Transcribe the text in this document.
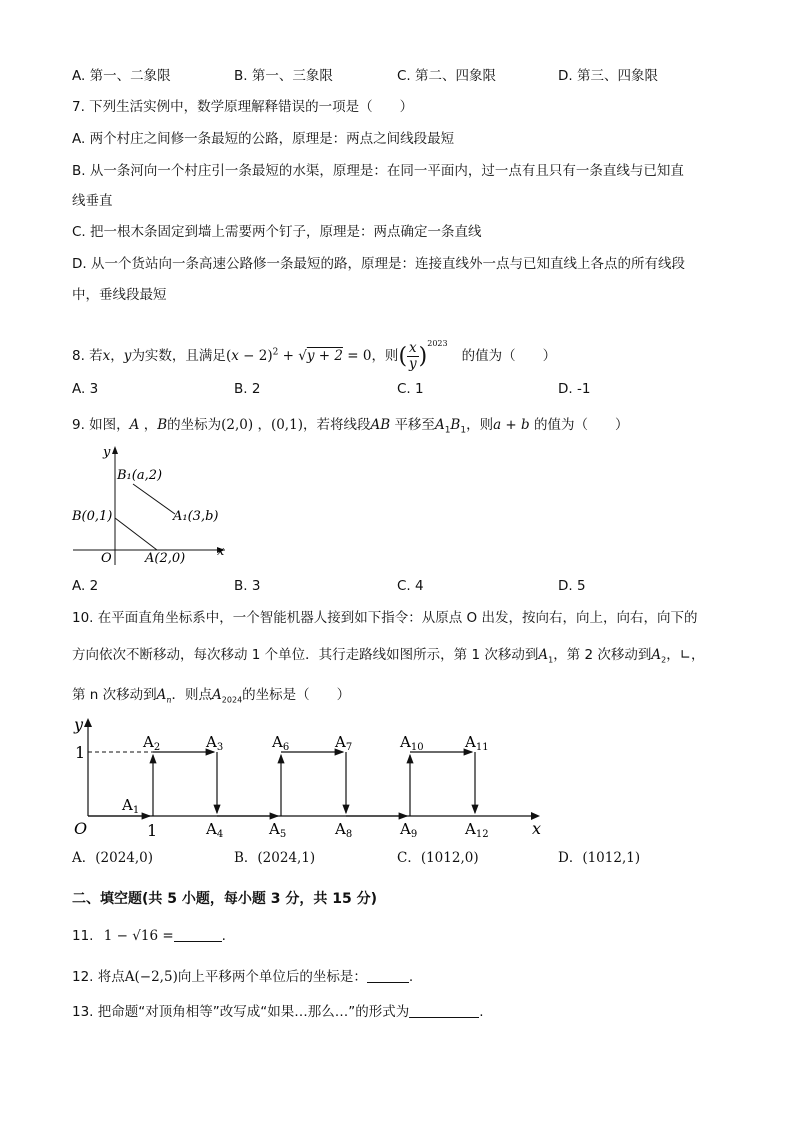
A. 第一、二象限	B. 第一、三象限	C. 第二、四象限	D. 第三、四象限
7. 下列生活实例中，数学原理解释错误的一项是（　　）
A. 两个村庄之间修一条最短的公路，原理是：两点之间线段最短
B. 从一条河向一个村庄引一条最短的水渠，原理是：在同一平面内，过一点有且只有一条直线与已知直
线垂直
C. 把一根木条固定到墙上需要两个钉子，原理是：两点确定一条直线
D. 从一个货站向一条高速公路修一条最短的路，原理是：连接直线外一点与已知直线上各点的所有线段
中，垂线段最短
8. 若x，y为实数，且满足$(x - 2)^2 + √y + 2 = 0$，则( $\frac{x}{y} )^{2023}$的值为（　　）
A. 3	B. 2	C. 1	D. -1
9. 如图，A ，B的坐标为(2,0) ，(0,1)，若将线段AB 平移至$A_1B_1$，则a + b 的值为（　　）
y
x
O
B₁(a,2)
A₁(3,b)
B(0,1)
A(2,0)
A. 2	B. 3	C. 4	D. 5
10. 在平面直角坐标系中，一个智能机器人接到如下指令：从原点 O 出发，按向右，向上，向右，向下的
方向依次不断移动，每次移动 1 个单位．其行走路线如图所示，第 1 次移动到$A_1$，第 2 次移动到$A_2$，∟，
第 n 次移动到$A_n$．则点$A_{2024}$的坐标是（　　）
y
x
O
1
1
$A_1$
$A_2$	$A_3$
$A_4$	$A_5$
$A_6$	$A_7$
$A_8$	$A_9$
$A_{10}$	$A_{11}$
$A_{12}$
A．(2024,0)	B．(2024,1)	C．(1012,0)	D．(1012,1)
二、填空题(共 5 小题，每小题 3 分，共 15 分)
11. 1 − √16 =	.
12. 将点A(−2,5)向上平移两个单位后的坐标是：	.
13. 把命题“对顶角相等”改写成“如果…那么…”的形式为	.
